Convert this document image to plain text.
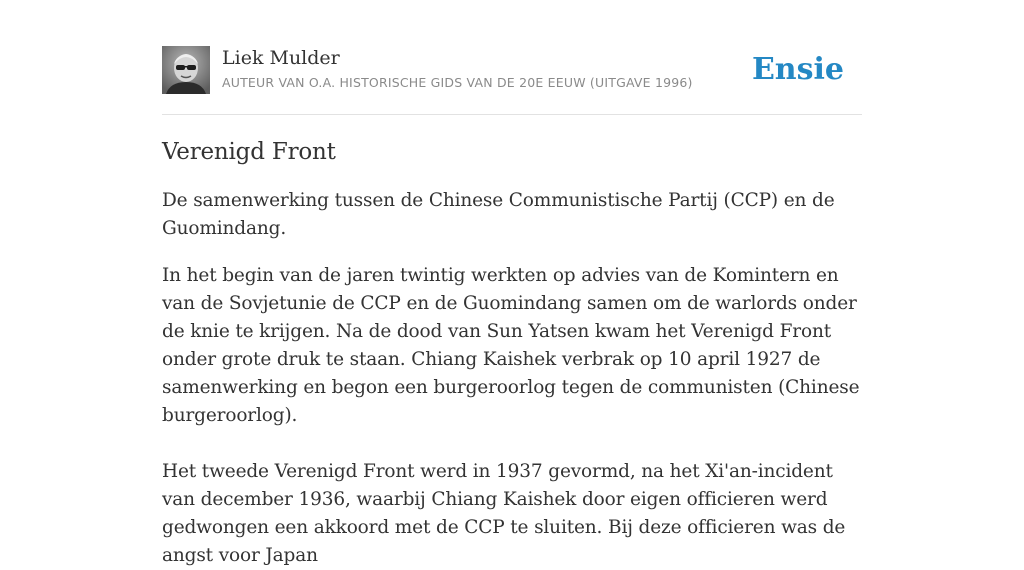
Liek Mulder
AUTEUR VAN O.A. HISTORISCHE GIDS VAN DE 20E EEUW (UITGAVE 1996) Ensie
Verenigd Front

De samenwerking tussen de Chinese Communistische Partij (CCP) en de Guomindang.

In het begin van de jaren twintig werkten op advies van de Komintern en van de Sovjetunie de CCP en de Guomindang samen om de warlords onder de knie te krijgen. Na de dood van Sun Yatsen kwam het Verenigd Front onder grote druk te staan. Chiang Kaishek verbrak op 10 april 1927 de samenwerking en begon een burgeroorlog tegen de communisten (Chinese burgeroorlog).

Het tweede Verenigd Front werd in 1937 gevormd, na het Xi'an-incident van december 1936, waarbij Chiang Kaishek door eigen officieren werd gedwongen een akkoord met de CCP te sluiten. Bij deze officieren was de angst voor Japan
